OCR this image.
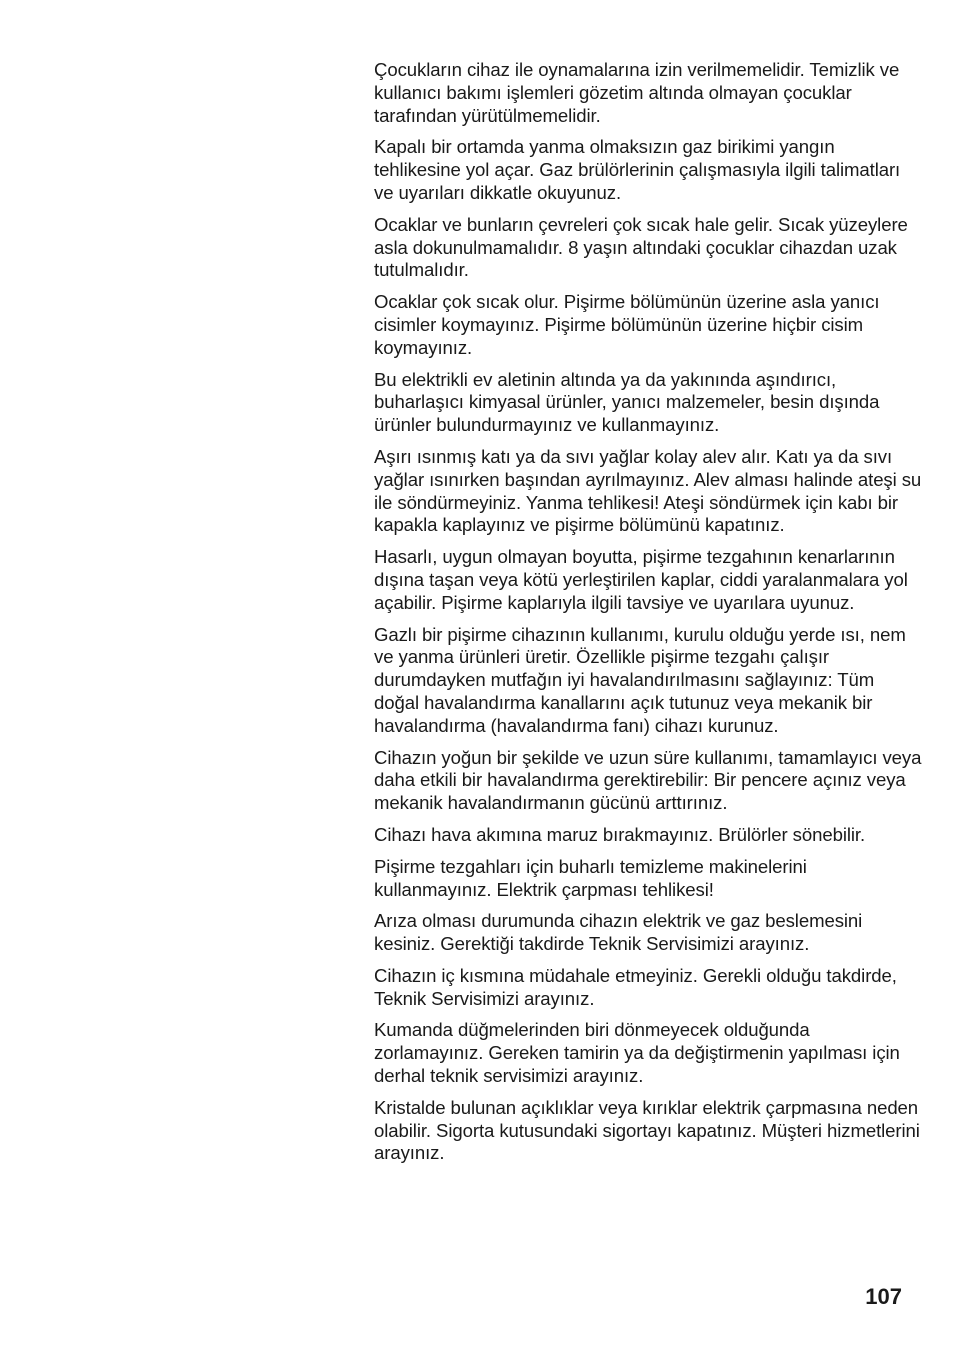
Çocukların cihaz ile oynamalarına izin verilmemelidir. Temizlik ve kullanıcı bakımı işlemleri gözetim altında olmayan çocuklar tarafından yürütülmemelidir.

Kapalı bir ortamda yanma olmaksızın gaz birikimi yangın tehlikesine yol açar. Gaz brülörlerinin çalışmasıyla ilgili talimatları ve uyarıları dikkatle okuyunuz.

Ocaklar ve bunların çevreleri çok sıcak hale gelir. Sıcak yüzeylere asla dokunulmamalıdır. 8 yaşın altındaki çocuklar cihazdan uzak tutulmalıdır.

Ocaklar çok sıcak olur. Pişirme bölümünün üzerine asla yanıcı cisimler koymayınız. Pişirme bölümünün üzerine hiçbir cisim koymayınız.

Bu elektrikli ev aletinin altında ya da yakınında aşındırıcı, buharlaşıcı kimyasal ürünler, yanıcı malzemeler, besin dışında ürünler bulundurmayınız ve kullanmayınız.

Aşırı ısınmış katı ya da sıvı yağlar kolay alev alır. Katı ya da sıvı yağlar ısınırken başından ayrılmayınız. Alev alması halinde ateşi su ile söndürmeyiniz. Yanma tehlikesi! Ateşi söndürmek için kabı bir kapakla kaplayınız ve pişirme bölümünü kapatınız.

Hasarlı, uygun olmayan boyutta, pişirme tezgahının kenarlarının dışına taşan veya kötü yerleştirilen kaplar, ciddi yaralanmalara yol açabilir. Pişirme kaplarıyla ilgili tavsiye ve uyarılara uyunuz.

Gazlı bir pişirme cihazının kullanımı, kurulu olduğu yerde ısı, nem ve yanma ürünleri üretir. Özellikle pişirme tezgahı çalışır durumdayken mutfağın iyi havalandırılmasını sağlayınız: Tüm doğal havalandırma kanallarını açık tutunuz veya mekanik bir havalandırma (havalandırma fanı) cihazı kurunuz.

Cihazın yoğun bir şekilde ve uzun süre kullanımı, tamamlayıcı veya daha etkili bir havalandırma gerektirebilir: Bir pencere açınız veya mekanik havalandırmanın gücünü arttırınız.

Cihazı hava akımına maruz bırakmayınız. Brülörler sönebilir.

Pişirme tezgahları için buharlı temizleme makinelerini kullanmayınız. Elektrik çarpması tehlikesi!

Arıza olması durumunda cihazın elektrik ve gaz beslemesini kesiniz. Gerektiği takdirde Teknik Servisimizi arayınız.

Cihazın iç kısmına müdahale etmeyiniz. Gerekli olduğu takdirde, Teknik Servisimizi arayınız.

Kumanda düğmelerinden biri dönmeyecek olduğunda zorlamayınız. Gereken tamirin ya da değiştirmenin yapılması için derhal teknik servisimizi arayınız.

Kristalde bulunan açıklıklar veya kırıklar elektrik çarpmasına neden olabilir. Sigorta kutusundaki sigortayı kapatınız. Müşteri hizmetlerini arayınız.

107
